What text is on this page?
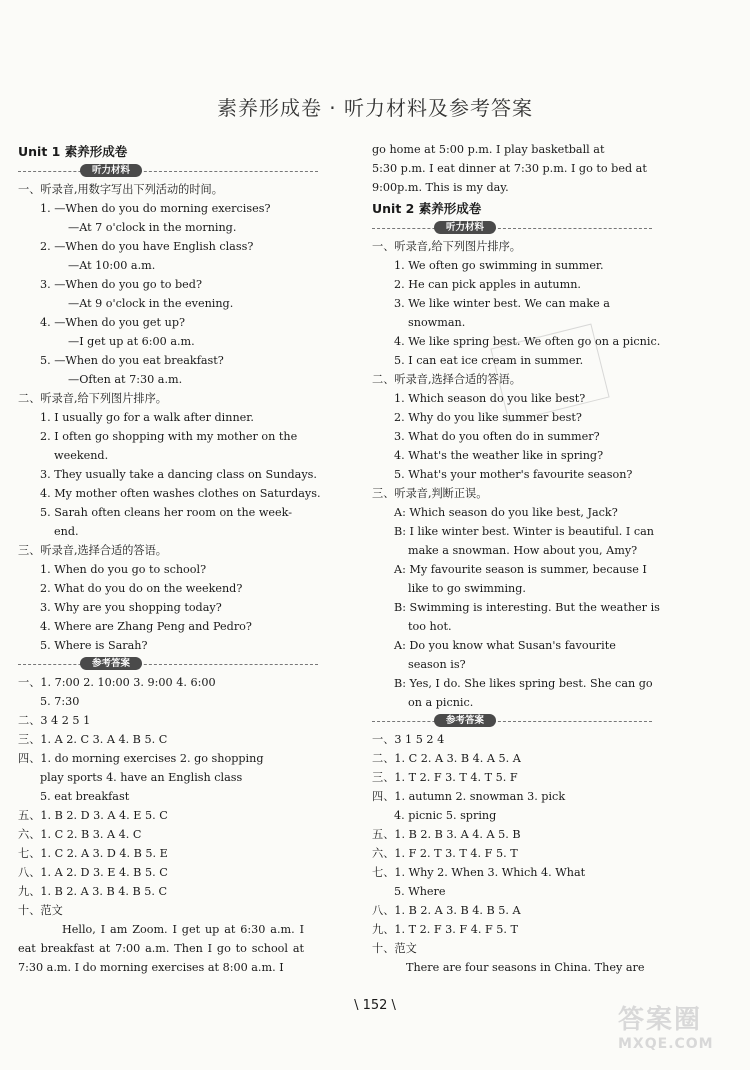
素养形成卷 · 听力材料及参考答案
Unit 1 素养形成卷
听力材料
一、听录音,用数字写出下列活动的时间。
1. —When do you do morning exercises?
—At 7 o'clock in the morning.
2. —When do you have English class?
—At 10:00 a.m.
3. —When do you go to bed?
—At 9 o'clock in the evening.
4. —When do you get up?
—I get up at 6:00 a.m.
5. —When do you eat breakfast?
—Often at 7:30 a.m.
二、听录音,给下列图片排序。
1. I usually go for a walk after dinner.
2. I often go shopping with my mother on the
weekend.
3. They usually take a dancing class on Sundays.
4. My mother often washes clothes on Saturdays.
5. Sarah often cleans her room on the week-
end.
三、听录音,选择合适的答语。
1. When do you go to school?
2. What do you do on the weekend?
3. Why are you shopping today?
4. Where are Zhang Peng and Pedro?
5. Where is Sarah?
参考答案
一、1. 7:00 2. 10:00 3. 9:00 4. 6:00
5. 7:30
二、3 4 2 5 1
三、1. A 2. C 3. A 4. B 5. C
四、1. do morning exercises 2. go shopping
play sports 4. have an English class
5. eat breakfast
五、1. B 2. D 3. A 4. E 5. C
六、1. C 2. B 3. A 4. C
七、1. C 2. A 3. D 4. B 5. E
八、1. A 2. D 3. E 4. B 5. C
九、1. B 2. A 3. B 4. B 5. C
十、范文
Hello, I am Zoom. I get up at 6:30 a.m. I eat breakfast at 7:00 a.m. Then I go to school at 7:30 a.m. I do morning exercises at 8:00 a.m. I
go home at 5:00 p.m. I play basketball at
5:30 p.m. I eat dinner at 7:30 p.m. I go to bed at
9:00p.m. This is my day.
Unit 2 素养形成卷
听力材料
一、听录音,给下列图片排序。
1. We often go swimming in summer.
2. He can pick apples in autumn.
3. We like winter best. We can make a
snowman.
4. We like spring best. We often go on a picnic.
5. I can eat ice cream in summer.
二、听录音,选择合适的答语。
1. Which season do you like best?
2. Why do you like summer best?
3. What do you often do in summer?
4. What's the weather like in spring?
5. What's your mother's favourite season?
三、听录音,判断正误。
A: Which season do you like best, Jack?
B: I like winter best. Winter is beautiful. I can
make a snowman. How about you, Amy?
A: My favourite season is summer, because I
like to go swimming.
B: Swimming is interesting. But the weather is
too hot.
A: Do you know what Susan's favourite
season is?
B: Yes, I do. She likes spring best. She can go
on a picnic.
参考答案
一、3 1 5 2 4
二、1. C 2. A 3. B 4. A 5. A
三、1. T 2. F 3. T 4. T 5. F
四、1. autumn 2. snowman 3. pick
4. picnic 5. spring
五、1. B 2. B 3. A 4. A 5. B
六、1. F 2. T 3. T 4. F 5. T
七、1. Why 2. When 3. Which 4. What
5. Where
八、1. B 2. A 3. B 4. B 5. A
九、1. T 2. F 3. F 4. F 5. T
十、范文
There are four seasons in China. They are
\ 152 \	答案圈
MXQE.COM
